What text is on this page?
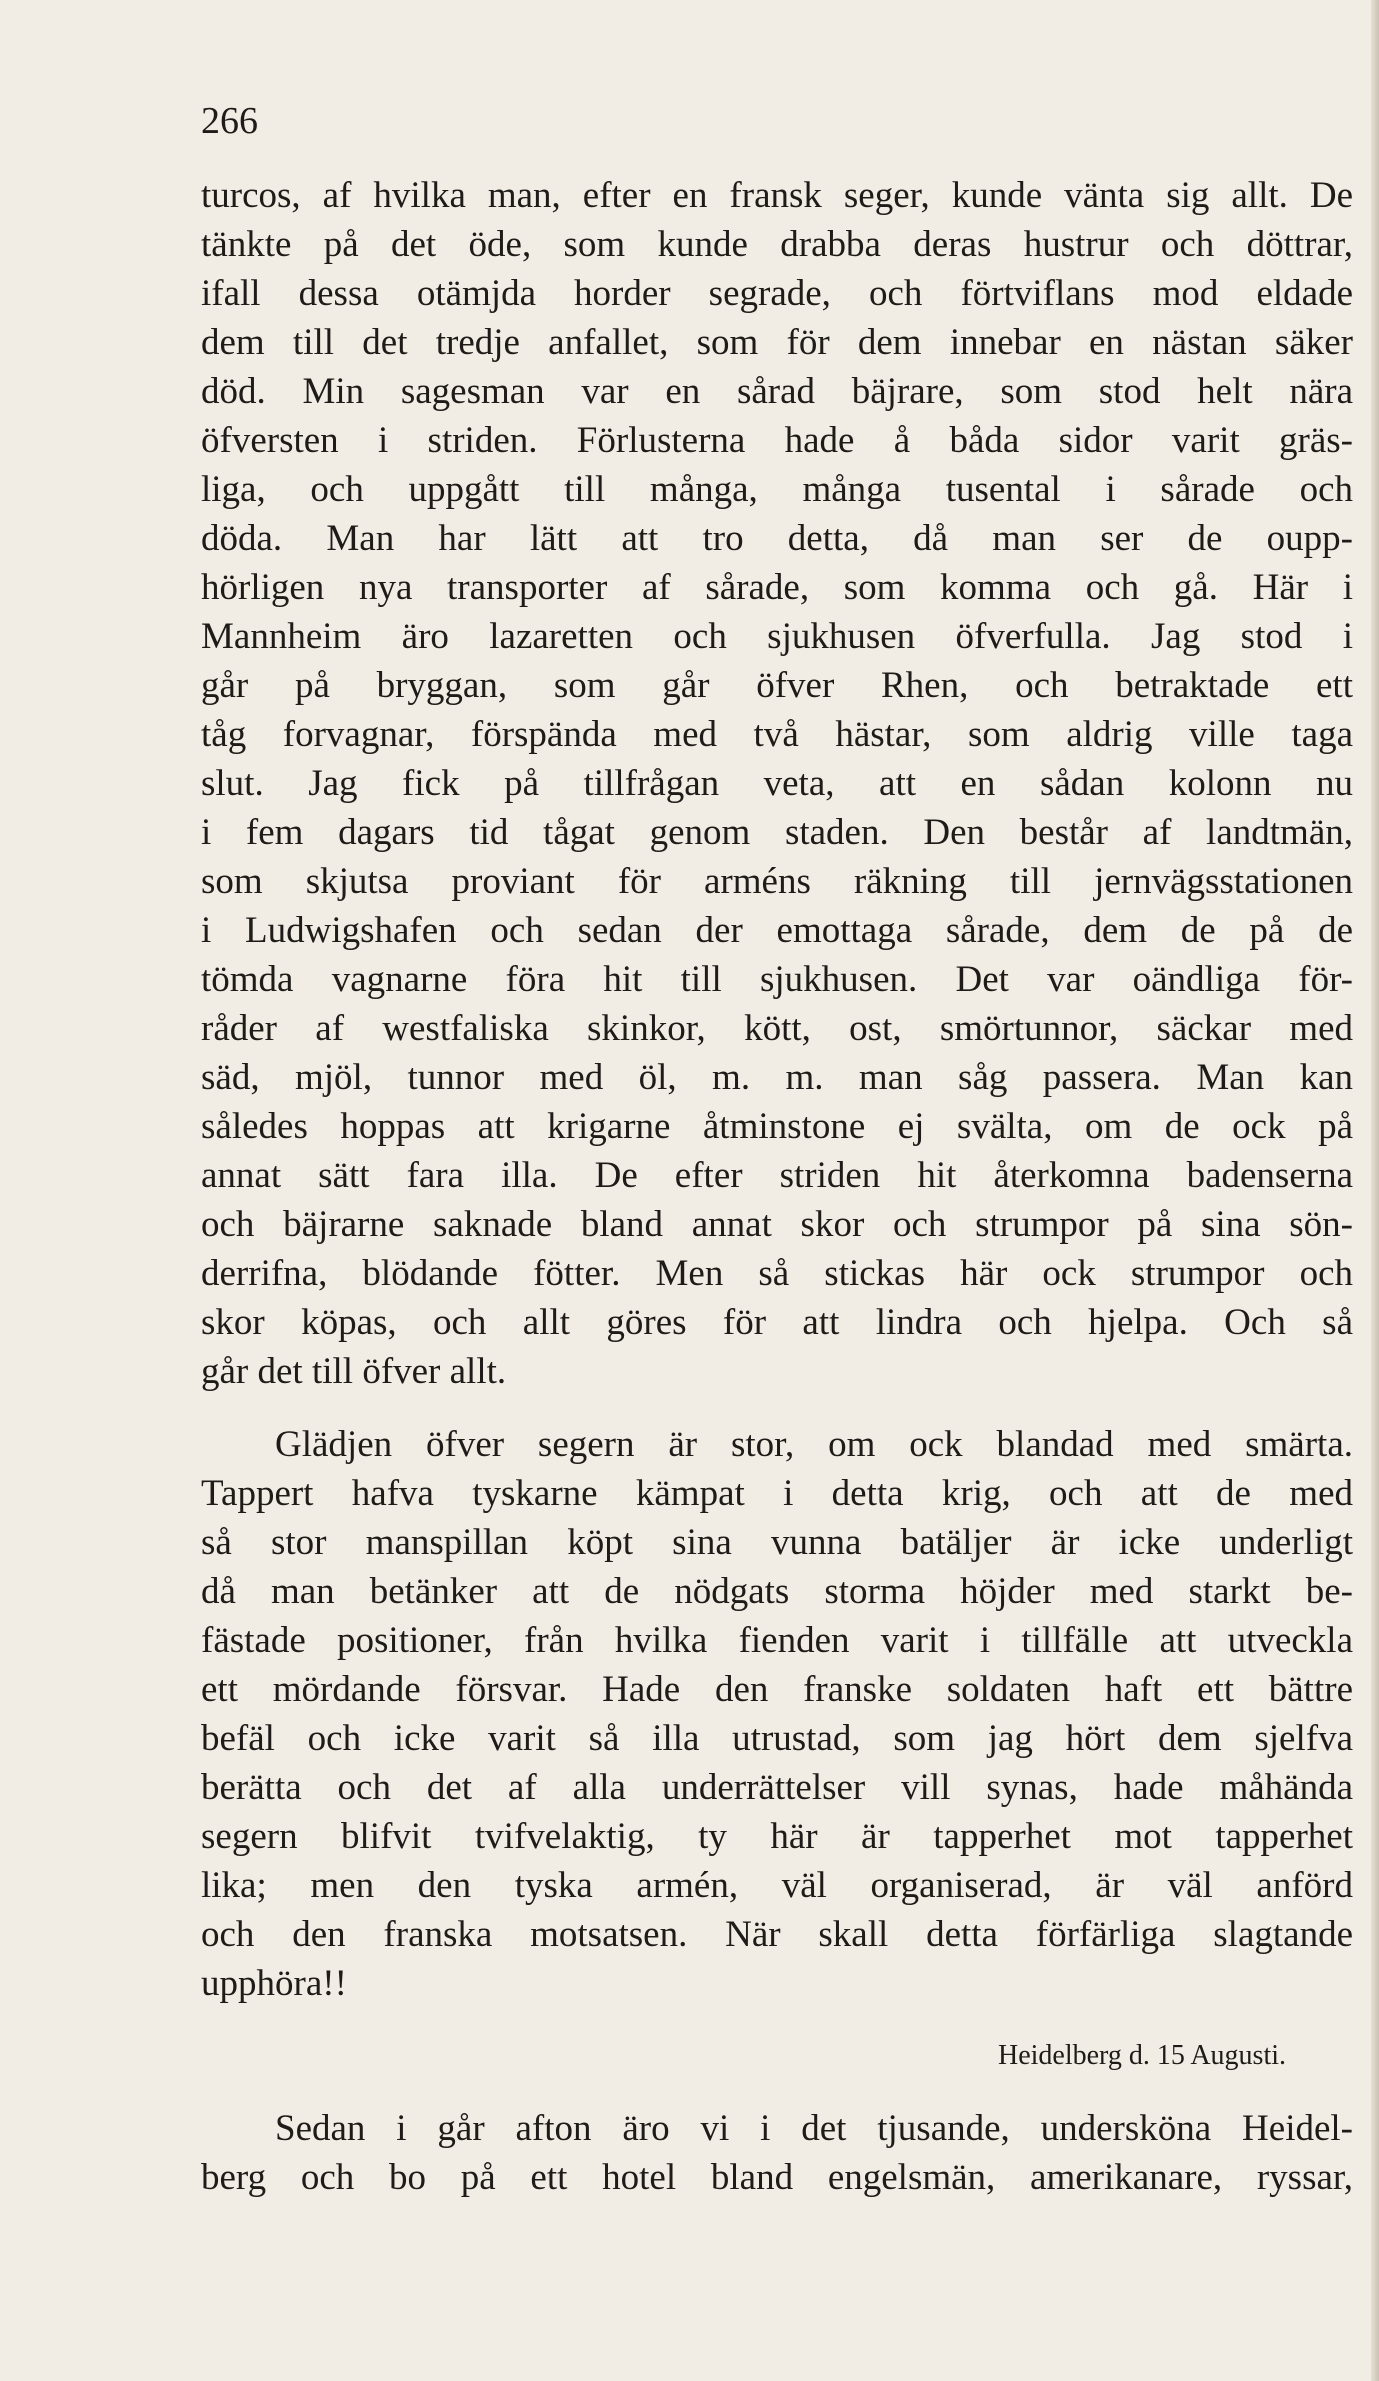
266
turcos, af hvilka man, efter en fransk seger, kunde vänta sig allt. De
tänkte på det öde, som kunde drabba deras hustrur och döttrar,
ifall dessa otämjda horder segrade, och förtviflans mod eldade
dem till det tredje anfallet, som för dem innebar en nästan säker
död. Min sagesman var en sårad bäjrare, som stod helt nära
öfversten i striden. Förlusterna hade å båda sidor varit gräs-
liga, och uppgått till många, många tusental i sårade och
döda. Man har lätt att tro detta, då man ser de oupp-
hörligen nya transporter af sårade, som komma och gå. Här i
Mannheim äro lazaretten och sjukhusen öfverfulla. Jag stod i
går på bryggan, som går öfver Rhen, och betraktade ett
tåg forvagnar, förspända med två hästar, som aldrig ville taga
slut. Jag fick på tillfrågan veta, att en sådan kolonn nu
i fem dagars tid tågat genom staden. Den består af landtmän,
som skjutsa proviant för arméns räkning till jernvägsstationen
i Ludwigshafen och sedan der emottaga sårade, dem de på de
tömda vagnarne föra hit till sjukhusen. Det var oändliga för-
råder af westfaliska skinkor, kött, ost, smörtunnor, säckar med
säd, mjöl, tunnor med öl, m. m. man såg passera. Man kan
således hoppas att krigarne åtminstone ej svälta, om de ock på
annat sätt fara illa. De efter striden hit återkomna badenserna
och bäjrarne saknade bland annat skor och strumpor på sina sön-
derrifna, blödande fötter. Men så stickas här ock strumpor och
skor köpas, och allt göres för att lindra och hjelpa. Och så
går det till öfver allt.
Glädjen öfver segern är stor, om ock blandad med smärta.
Tappert hafva tyskarne kämpat i detta krig, och att de med
så stor manspillan köpt sina vunna batäljer är icke underligt
då man betänker att de nödgats storma höjder med starkt be-
fästade positioner, från hvilka fienden varit i tillfälle att utveckla
ett mördande försvar. Hade den franske soldaten haft ett bättre
befäl och icke varit så illa utrustad, som jag hört dem sjelfva
berätta och det af alla underrättelser vill synas, hade måhända
segern blifvit tvifvelaktig, ty här är tapperhet mot tapperhet
lika; men den tyska armén, väl organiserad, är väl anförd
och den franska motsatsen. När skall detta förfärliga slagtande
upphöra!!
Heidelberg d. 15 Augusti.
Sedan i går afton äro vi i det tjusande, undersköna Heidel-
berg och bo på ett hotel bland engelsmän, amerikanare, ryssar,
